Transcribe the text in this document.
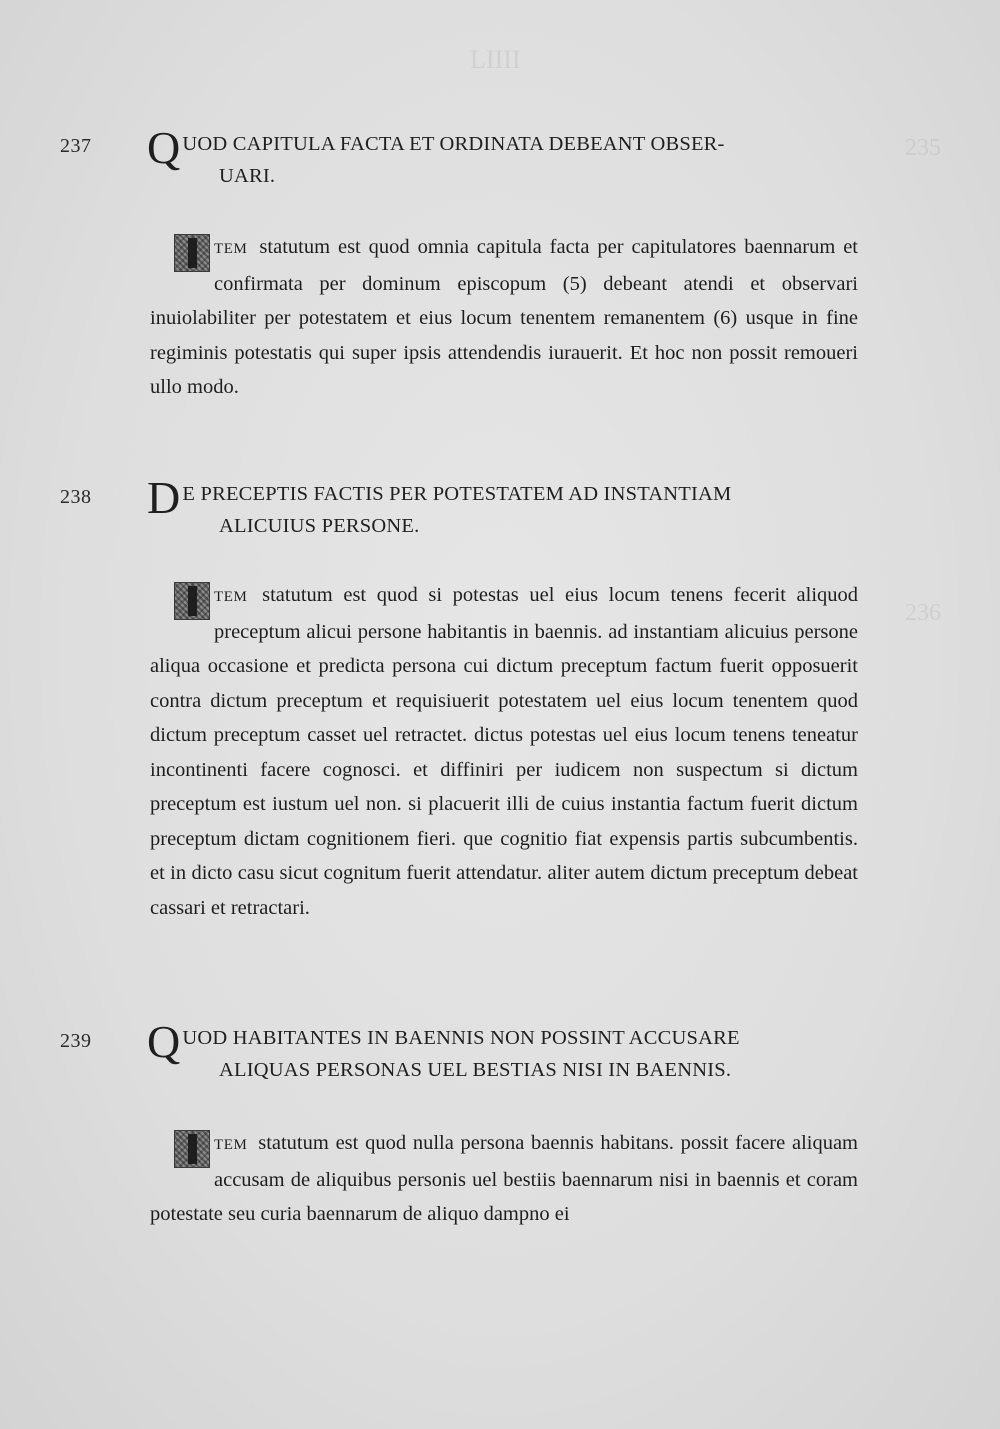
LIIII
235
236
237 Q UOD CAPITULA FACTA ET ORDINATA DEBEANT OBSER-
UARI.

TEM statutum est quod omnia capitula facta per capitulatores baennarum et confirmata per dominum episcopum (5) debeant atendi et observari inuiolabiliter per potestatem et eius locum tenentem remanentem (6) usque in fine regiminis potestatis qui super ipsis attendendis iurauerit. Et hoc non possit remoueri ullo modo.

238 D E PRECEPTIS FACTIS PER POTESTATEM AD INSTANTIAM
ALICUIUS PERSONE.

TEM statutum est quod si potestas uel eius locum tenens fecerit aliquod preceptum alicui persone habitantis in baennis. ad instantiam alicuius persone aliqua occasione et predicta persona cui dictum preceptum factum fuerit opposuerit contra dictum preceptum et requisiuerit potestatem uel eius locum tenentem quod dictum preceptum casset uel retractet. dictus potestas uel eius locum tenens teneatur incontinenti facere cognosci. et diffiniri per iudicem non suspectum si dictum preceptum est iustum uel non. si placuerit illi de cuius instantia factum fuerit dictum preceptum dictam cognitionem fieri. que cognitio fiat expensis partis subcumbentis. et in dicto casu sicut cognitum fuerit attendatur. aliter autem dictum preceptum debeat cassari et retractari.

239 Q UOD HABITANTES IN BAENNIS NON POSSINT ACCUSARE
ALIQUAS PERSONAS UEL BESTIAS NISI IN BAENNIS.

TEM statutum est quod nulla persona baennis habitans. possit facere aliquam accusam de aliquibus personis uel bestiis baennarum nisi in baennis et coram potestate seu curia baennarum de aliquo dampno ei
